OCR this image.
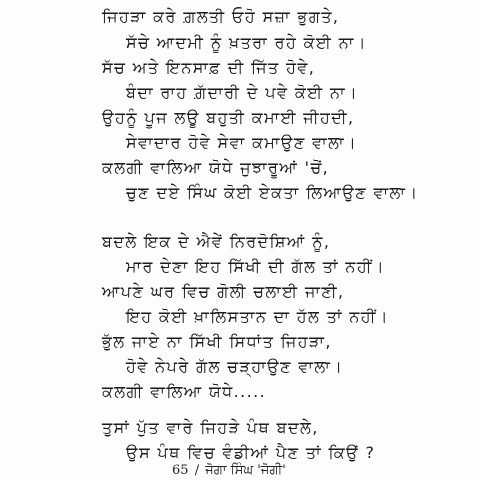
ਜਿਹੜਾ ਕਰੇ ਗ਼ਲਤੀ ਓਹੋ ਸਜ਼ਾ ਭੁਗਤੇ,
ਸੱਚੇ ਆਦਮੀ ਨੂੰ ਖ਼ਤਰਾ ਰਹੇ ਕੋਈ ਨਾ।
ਸੱਚ ਅਤੇ ਇਨਸਾਫ਼ ਦੀ ਜਿੱਤ ਹੋਵੇ,
ਬੰਦਾ ਰਾਹ ਗ਼ੱਦਾਰੀ ਦੇ ਪਵੇ ਕੋਈ ਨਾ।
ਉਹਨੂੰ ਪੂਜ ਲਊ ਬਹੁਤੀ ਕਮਾਈ ਜੀਹਦੀ,
ਸੇਵਾਦਾਰ ਹੋਵੇ ਸੇਵਾ ਕਮਾਉਣ ਵਾਲਾ।
ਕਲਗੀ ਵਾਲਿਆ ਯੋਧੇ ਜੁਝਾਰੂਆਂ 'ਚੋਂ,
ਚੁਣ ਦਏ ਸਿੰਘ ਕੋਈ ਏਕਤਾ ਲਿਆਉਣ ਵਾਲਾ।
ਬਦਲੇ ਇਕ ਦੇ ਐਵੇਂ ਨਿਰਦੋਸ਼ਿਆਂ ਨੂੰ,
ਮਾਰ ਦੇਣਾ ਇਹ ਸਿੱਖੀ ਦੀ ਗੱਲ ਤਾਂ ਨਹੀਂ।
ਆਪਣੇ ਘਰ ਵਿਚ ਗੋਲੀ ਚਲਾਈ ਜਾਣੀ,
ਇਹ ਕੋਈ ਖ਼ਾਲਿਸਤਾਨ ਦਾ ਹੱਲ ਤਾਂ ਨਹੀਂ।
ਭੁੱਲ ਜਾਏ ਨਾ ਸਿੱਖੀ ਸਿਧਾਂਤ ਜਿਹੜਾ,
ਹੋਵੇ ਨੇਪਰੇ ਗੱਲ ਚੜ੍ਹਾਉਣ ਵਾਲਾ।
ਕਲਗੀ ਵਾਲਿਆ ਯੋਧੇ.....
ਤੁਸਾਂ ਪੁੱਤ ਵਾਰੇ ਜਿਹੜੇ ਪੰਥ ਬਦਲੇ,
ਉਸ ਪੰਥ ਵਿਚ ਵੰਡੀਆਂ ਪੈਣ ਤਾਂ ਕਿਉਂ ?
65 / ਜੋਗਾ ਸਿੰਘ 'ਜੋਗੀ'
